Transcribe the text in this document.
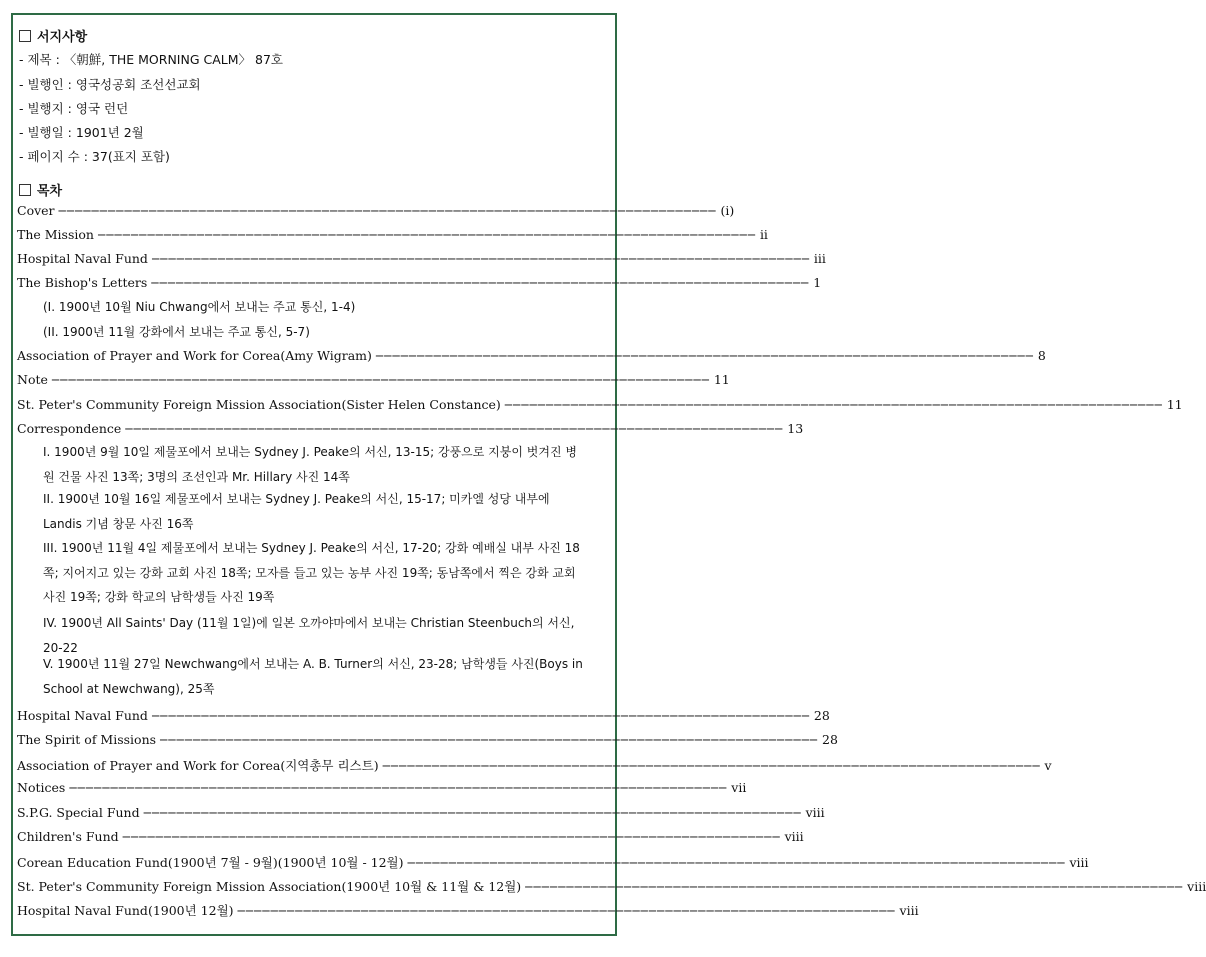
서지사항
- 제목 : 〈朝鮮, THE MORNING CALM〉 87호
- 빌행인 : 영국성공회 조선선교회
- 빌행지 : 영국 런던
- 빌행일 : 1901년 2월
- 페이지 수 : 37(표지 포함)
목차
Cover ──────────────────────────────────────────────────────────────────────────────── (i)
The Mission ──────────────────────────────────────────────────────────────────────────────── ii
Hospital Naval Fund ──────────────────────────────────────────────────────────────────────────────── iii
The Bishop's Letters ──────────────────────────────────────────────────────────────────────────────── 1
(I. 1900년 10월 Niu Chwang에서 보내는 주교 통신, 1-4)
(II. 1900년 11월 강화에서 보내는 주교 통신, 5-7)
Association of Prayer and Work for Corea(Amy Wigram) ──────────────────────────────────────────────────────────────────────────────── 8
Note ──────────────────────────────────────────────────────────────────────────────── 11
St. Peter's Community Foreign Mission Association(Sister Helen Constance) ──────────────────────────────────────────────────────────────────────────────── 11
Correspondence ──────────────────────────────────────────────────────────────────────────────── 13
I. 1900년 9월 10일 제물포에서 보내는 Sydney J. Peake의 서신, 13-15; 강풍으로 지붕이 벗겨진 병원 건물 사진 13쪽; 3명의 조선인과 Mr. Hillary 사진 14쪽
II. 1900년 10월 16일 제물포에서 보내는 Sydney J. Peake의 서신, 15-17; 미카엘 성당 내부에 Landis 기념 창문 사진 16쪽
III. 1900년 11월 4일 제물포에서 보내는 Sydney J. Peake의 서신, 17-20; 강화 예배실 내부 사진 18쪽; 지어지고 있는 강화 교회 사진 18쪽; 모자를 들고 있는 농부 사진 19쪽; 동남쪽에서 찍은 강화 교회 사진 19쪽; 강화 학교의 남학생들 사진 19쪽
IV. 1900년 All Saints' Day (11월 1일)에 일본 오까야마에서 보내는 Christian Steenbuch의 서신, 20-22
V. 1900년 11월 27일 Newchwang에서 보내는 A. B. Turner의 서신, 23-28; 남학생들 사진(Boys in School at Newchwang), 25쪽
Hospital Naval Fund ──────────────────────────────────────────────────────────────────────────────── 28
The Spirit of Missions ──────────────────────────────────────────────────────────────────────────────── 28
Association of Prayer and Work for Corea(지역총무 리스트) ──────────────────────────────────────────────────────────────────────────────── v
Notices ──────────────────────────────────────────────────────────────────────────────── vii
S.P.G. Special Fund ──────────────────────────────────────────────────────────────────────────────── viii
Children's Fund ──────────────────────────────────────────────────────────────────────────────── viii
Corean Education Fund(1900년 7월 - 9월)(1900년 10월 - 12월) ──────────────────────────────────────────────────────────────────────────────── viii
St. Peter's Community Foreign Mission Association(1900년 10월 & 11월 & 12월) ──────────────────────────────────────────────────────────────────────────────── viii
Hospital Naval Fund(1900년 12월) ──────────────────────────────────────────────────────────────────────────────── viii
